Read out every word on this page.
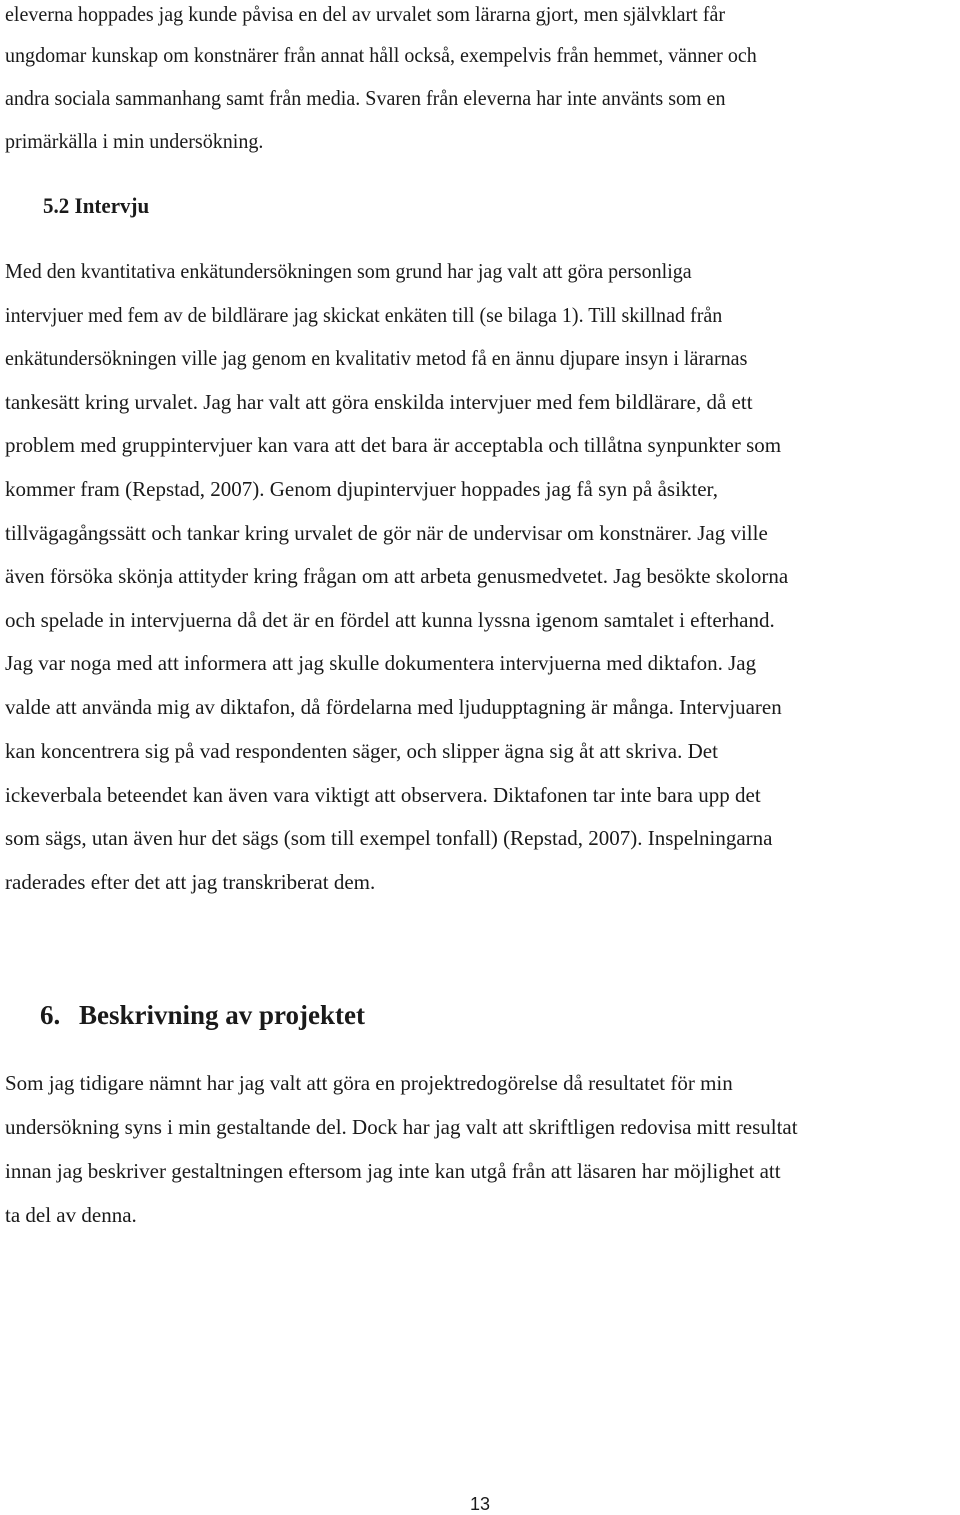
eleverna hoppades jag kunde påvisa en del av urvalet som lärarna gjort, men självklart får

ungdomar kunskap om konstnärer från annat håll också, exempelvis från hemmet, vänner och

andra sociala sammanhang samt från media. Svaren från eleverna har inte använts som en

primärkälla i min undersökning.

5.2 Intervju

Med den kvantitativa enkätundersökningen som grund har jag valt att göra personliga

intervjuer med fem av de bildlärare jag skickat enkäten till (se bilaga 1). Till skillnad från

enkätundersökningen ville jag genom en kvalitativ metod få en ännu djupare insyn i lärarnas

tankesätt kring urvalet. Jag har valt att göra enskilda intervjuer med fem bildlärare, då ett

problem med gruppintervjuer kan vara att det bara är acceptabla och tillåtna synpunkter som

kommer fram (Repstad, 2007). Genom djupintervjuer hoppades jag få syn på åsikter,

tillvägagångssätt och tankar kring urvalet de gör när de undervisar om konstnärer. Jag ville

även försöka skönja attityder kring frågan om att arbeta genusmedvetet. Jag besökte skolorna

och spelade in intervjuerna då det är en fördel att kunna lyssna igenom samtalet i efterhand.

Jag var noga med att informera att jag skulle dokumentera intervjuerna med diktafon. Jag

valde att använda mig av diktafon, då fördelarna med ljudupptagning är många. Intervjuaren

kan koncentrera sig på vad respondenten säger, och slipper ägna sig åt att skriva. Det

ickeverbala beteendet kan även vara viktigt att observera. Diktafonen tar inte bara upp det

som sägs, utan även hur det sägs (som till exempel tonfall) (Repstad, 2007). Inspelningarna

raderades efter det att jag transkriberat dem.

6. Beskrivning av projektet

Som jag tidigare nämnt har jag valt att göra en projektredogörelse då resultatet för min

undersökning syns i min gestaltande del. Dock har jag valt att skriftligen redovisa mitt resultat

innan jag beskriver gestaltningen eftersom jag inte kan utgå från att läsaren har möjlighet att

ta del av denna.

13
